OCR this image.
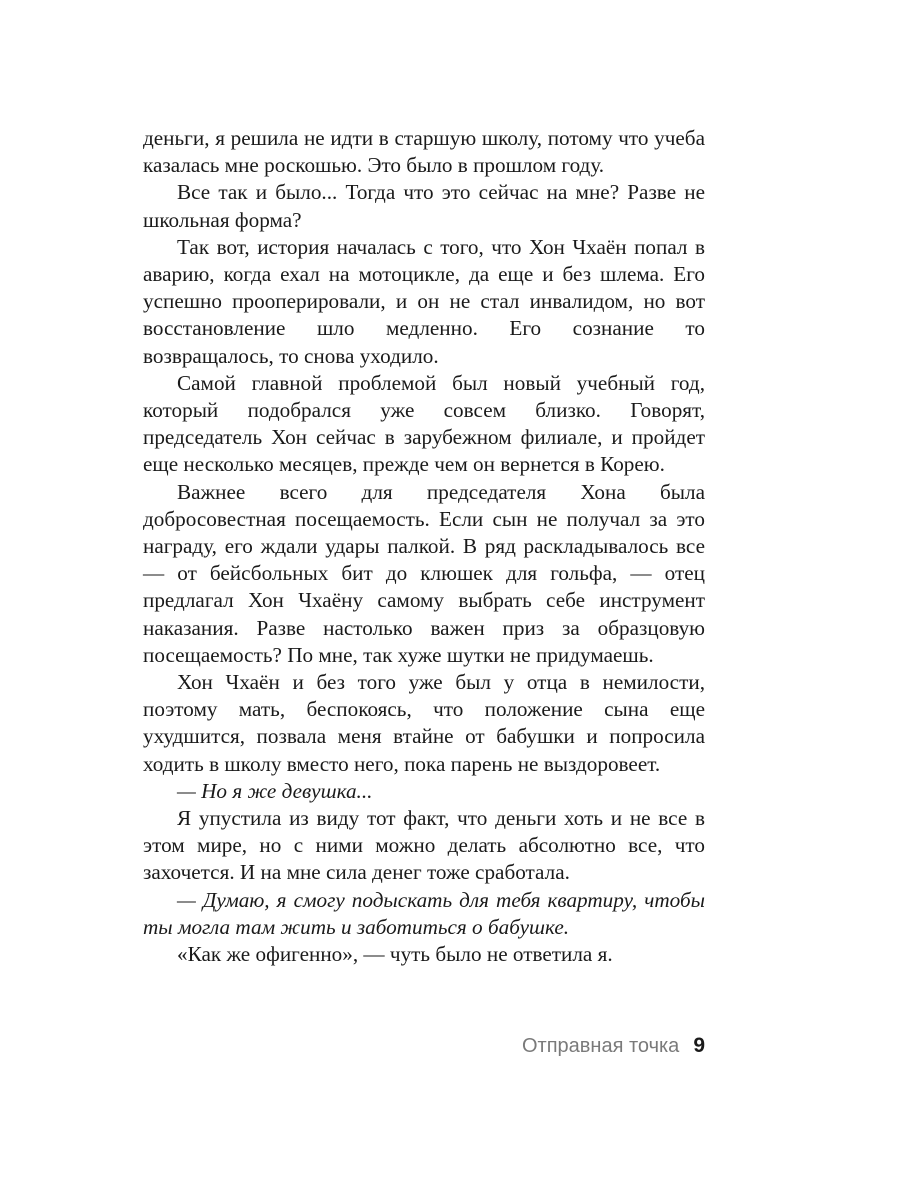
деньги, я решила не идти в старшую школу, потому что учеба казалась мне роскошью. Это было в прошлом году.

Все так и было... Тогда что это сейчас на мне? Разве не школьная форма?

Так вот, история началась с того, что Хон Чхаён попал в аварию, когда ехал на мотоцикле, да еще и без шлема. Его успешно прооперировали, и он не стал инвалидом, но вот восстановление шло медленно. Его сознание то возвращалось, то снова уходило.

Самой главной проблемой был новый учебный год, который подобрался уже совсем близко. Говорят, председатель Хон сейчас в зарубежном филиале, и пройдет еще несколько месяцев, прежде чем он вернется в Корею.

Важнее всего для председателя Хона была добросовестная посещаемость. Если сын не получал за это награду, его ждали удары палкой. В ряд раскладывалось все — от бейсбольных бит до клюшек для гольфа, — отец предлагал Хон Чхаёну самому выбрать себе инструмент наказания. Разве настолько важен приз за образцовую посещаемость? По мне, так хуже шутки не придумаешь.

Хон Чхаён и без того уже был у отца в немилости, поэтому мать, беспокоясь, что положение сына еще ухудшится, позвала меня втайне от бабушки и попросила ходить в школу вместо него, пока парень не выздоровеет.

— Но я же девушка...

Я упустила из виду тот факт, что деньги хоть и не все в этом мире, но с ними можно делать абсолютно все, что захочется. И на мне сила денег тоже сработала.

— Думаю, я смогу подыскать для тебя квартиру, чтобы ты могла там жить и заботиться о бабушке.

«Как же офигенно», — чуть было не ответила я.

Отправная точка 9
